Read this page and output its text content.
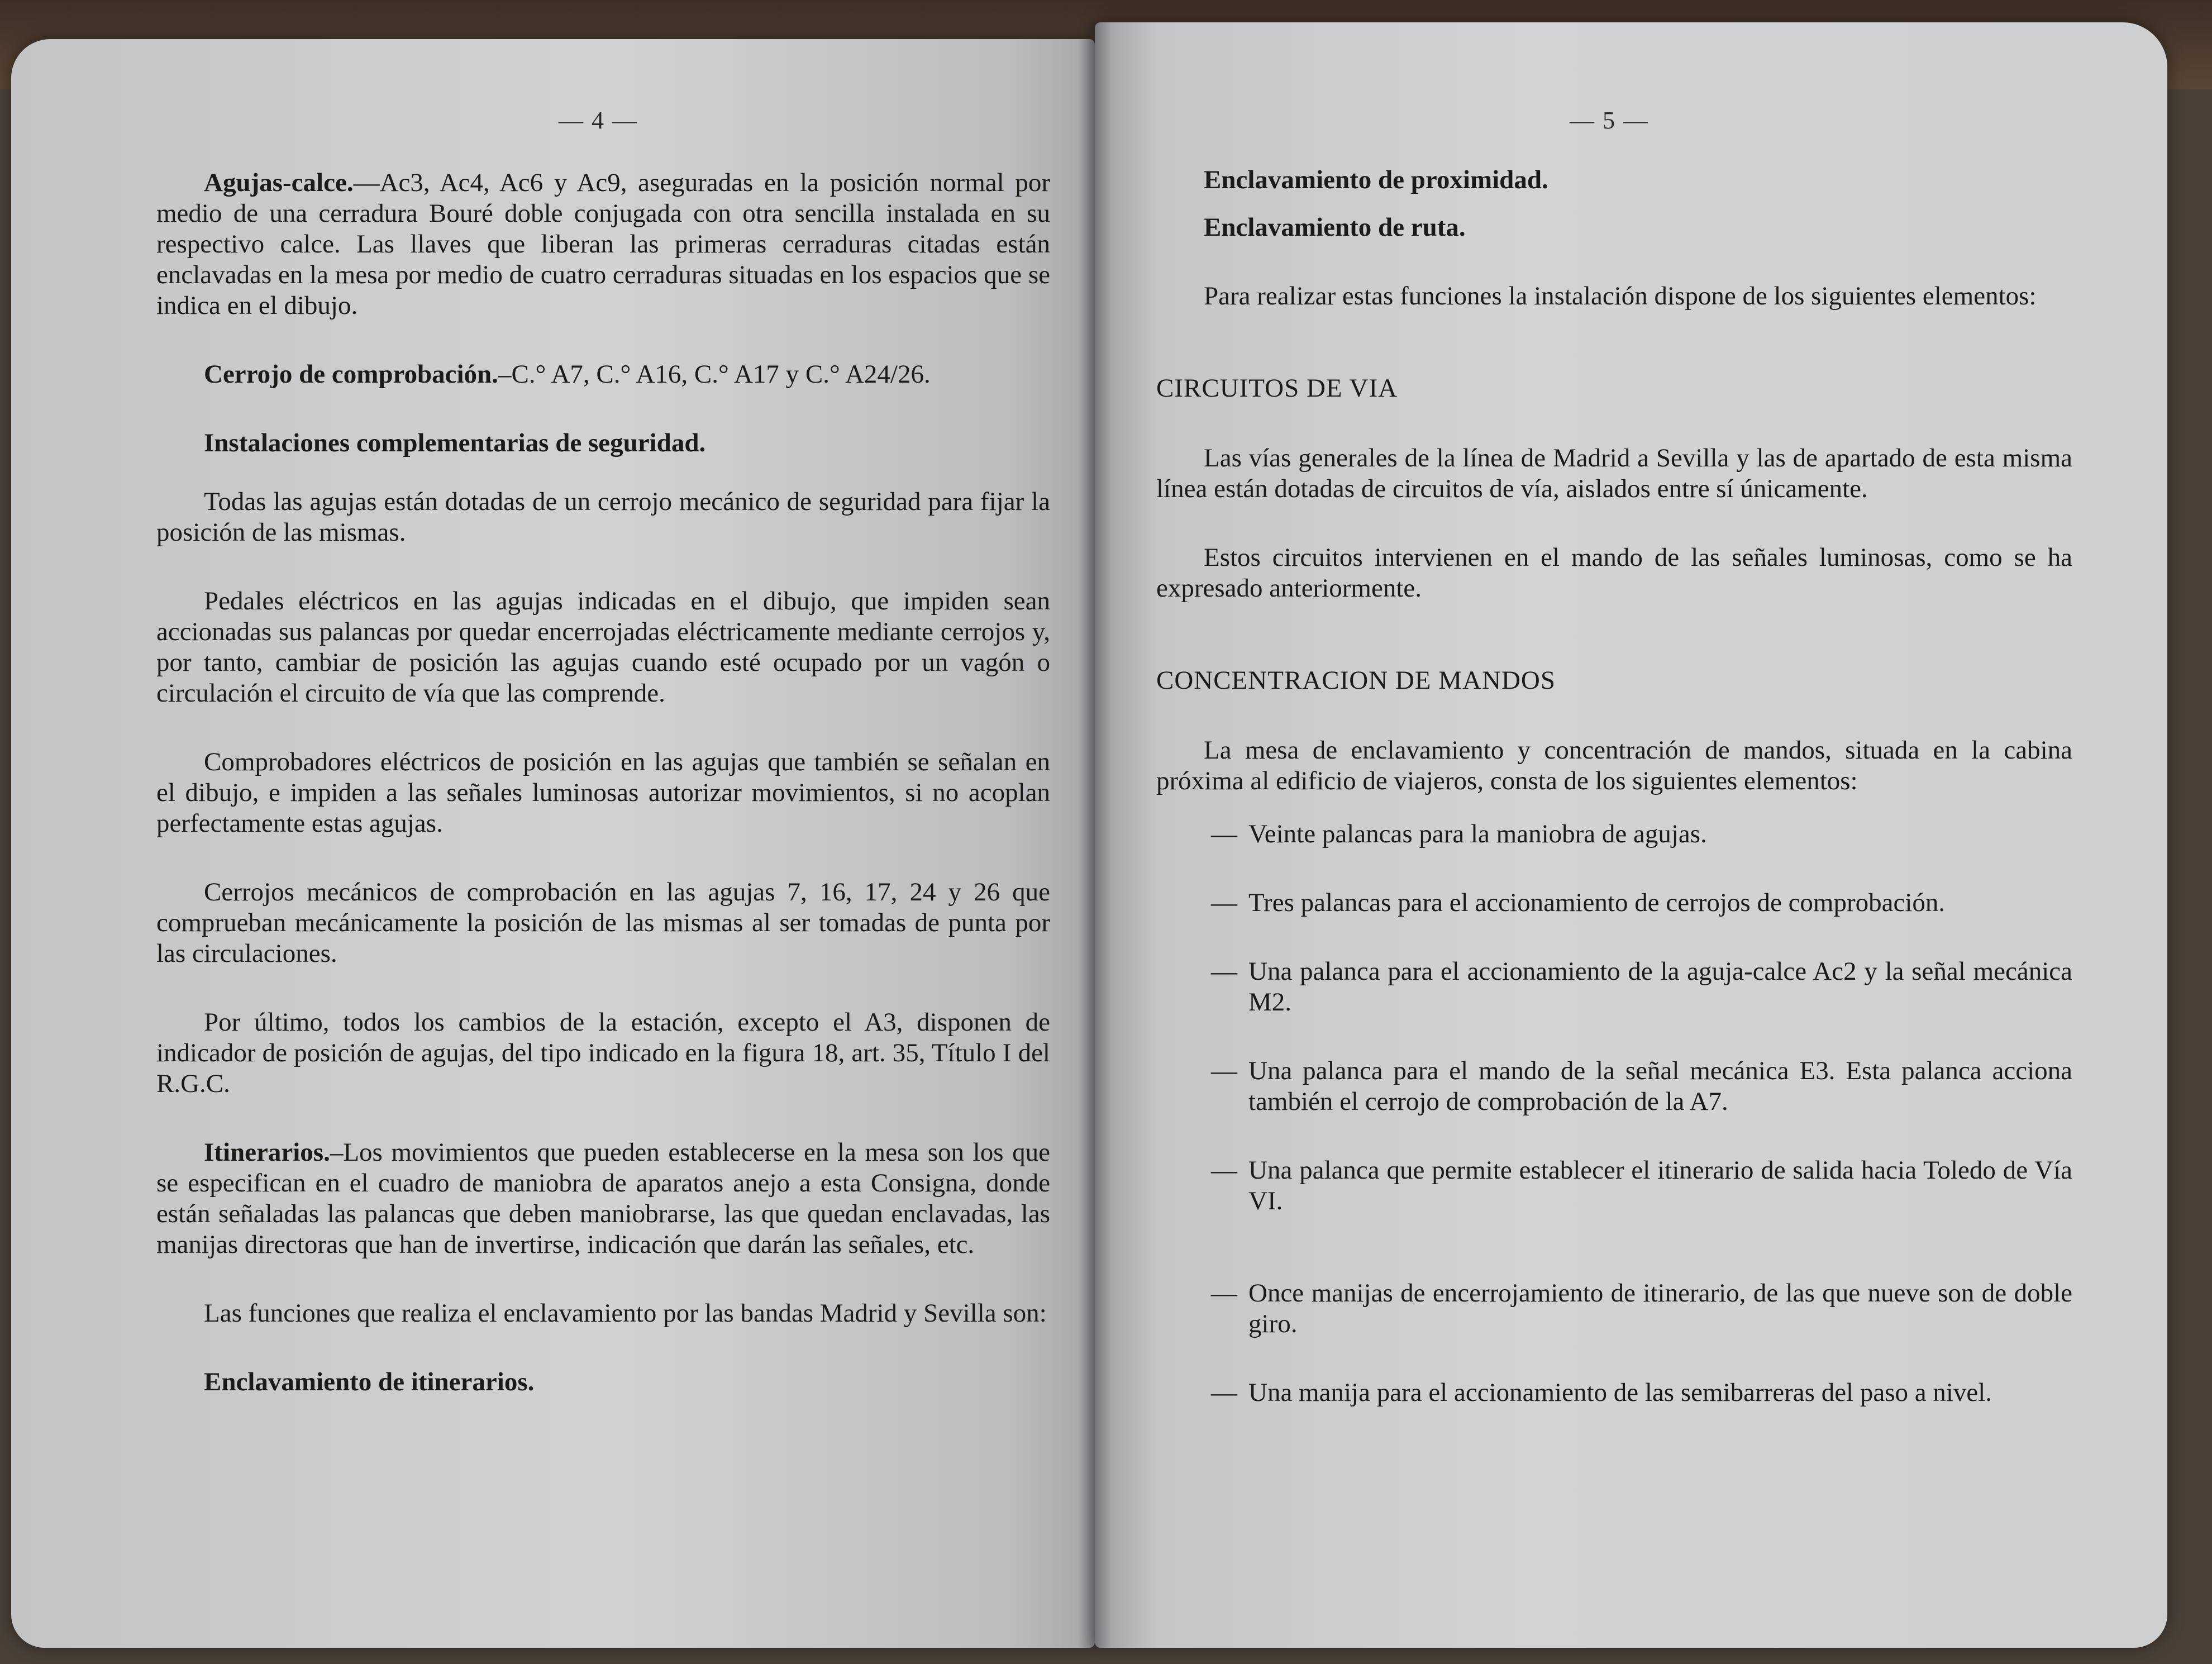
— 4 —	— 5 —

Agujas-calce.—Ac3, Ac4, Ac6 y Ac9, aseguradas en la posición normal por medio de una cerradura Bouré doble conjugada con otra sencilla instalada en su respectivo calce. Las llaves que liberan las primeras cerraduras citadas están enclavadas en la mesa por medio de cuatro cerraduras situadas en los espacios que se indica en el dibujo.

Cerrojo de comprobación.–C.° A7, C.° A16, C.° A17 y C.° A24/26.

Instalaciones complementarias de seguridad.

Todas las agujas están dotadas de un cerrojo mecánico de seguridad para fijar la posición de las mismas.

Pedales eléctricos en las agujas indicadas en el dibujo, que impiden sean accionadas sus palancas por quedar encerrojadas eléctricamente mediante cerrojos y, por tanto, cambiar de posición las agujas cuando esté ocupado por un vagón o circulación el circuito de vía que las comprende.

Comprobadores eléctricos de posición en las agujas que también se señalan en el dibujo, e impiden a las señales luminosas autorizar movimientos, si no acoplan perfectamente estas agujas.

Cerrojos mecánicos de comprobación en las agujas 7, 16, 17, 24 y 26 que comprueban mecánicamente la posición de las mismas al ser tomadas de punta por las circulaciones.

Por último, todos los cambios de la estación, excepto el A3, disponen de indicador de posición de agujas, del tipo indicado en la figura 18, art. 35, Título I del R.G.C.

Itinerarios.–Los movimientos que pueden establecerse en la mesa son los que se especifican en el cuadro de maniobra de aparatos anejo a esta Consigna, donde están señaladas las palancas que deben maniobrarse, las que quedan enclavadas, las manijas directoras que han de invertirse, indicación que darán las señales, etc.

Las funciones que realiza el enclavamiento por las bandas Madrid y Sevilla son:

Enclavamiento de itinerarios.

Enclavamiento de proximidad.

Enclavamiento de ruta.

Para realizar estas funciones la instalación dispone de los siguientes elementos:

CIRCUITOS DE VIA

Las vías generales de la línea de Madrid a Sevilla y las de apartado de esta misma línea están dotadas de circuitos de vía, aislados entre sí únicamente.

Estos circuitos intervienen en el mando de las señales luminosas, como se ha expresado anteriormente.

CONCENTRACION DE MANDOS

La mesa de enclavamiento y concentración de mandos, situada en la cabina próxima al edificio de viajeros, consta de los siguientes elementos:

— Veinte palancas para la maniobra de agujas.
— Tres palancas para el accionamiento de cerrojos de comprobación.
— Una palanca para el accionamiento de la aguja-calce Ac2 y la señal mecánica M2.
— Una palanca para el mando de la señal mecánica E3. Esta palanca acciona también el cerrojo de comprobación de la A7.
— Una palanca que permite establecer el itinerario de salida hacia Toledo de Vía VI.
— Once manijas de encerrojamiento de itinerario, de las que nueve son de doble giro.
— Una manija para el accionamiento de las semibarreras del paso a nivel.
